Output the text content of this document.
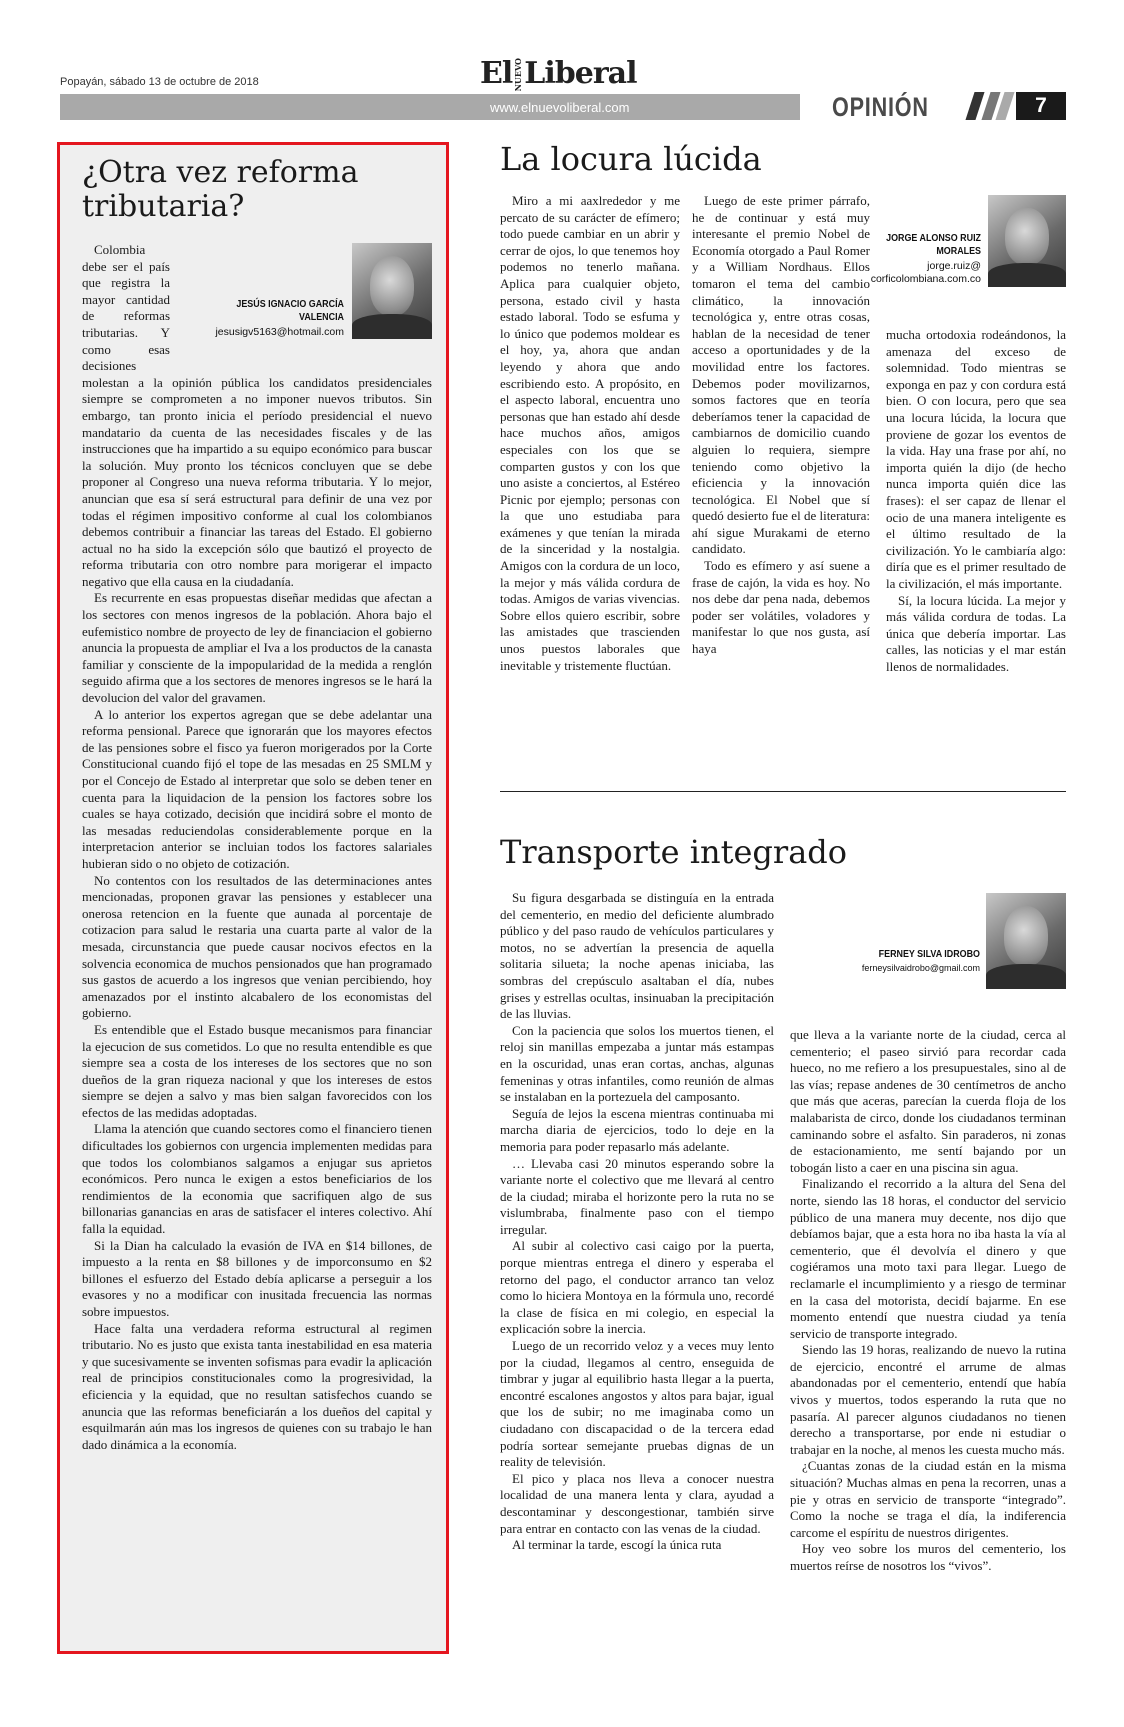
Popayán, sábado 13 de octubre de 2018	ElNUEVOLiberal
www.elnuevoliberal.com	OPINIÓN	7
¿Otra vez reforma tributaria?
JESÚS IGNACIO GARCÍA VALENCIA
jesusigv5163@hotmail.com

Colombia debe ser el país que registra la mayor cantidad de reformas tributarias. Y como esas decisiones molestan a la opinión pública los candidatos presidenciales siempre se comprometen a no imponer nuevos tributos. Sin embargo, tan pronto inicia el período presidencial el nuevo mandatario da cuenta de las necesidades fiscales y de las instrucciones que ha impartido a su equipo económico para buscar la solución. Muy pronto los técnicos concluyen que se debe proponer al Congreso una nueva reforma tributaria. Y lo mejor, anuncian que esa sí será estructural para definir de una vez por todas el régimen impositivo conforme al cual los colombianos debemos contribuir a financiar las tareas del Estado. El gobierno actual no ha sido la excepción sólo que bautizó el proyecto de reforma tributaria con otro nombre para morigerar el impacto negativo que ella causa en la ciudadanía.

Es recurrente en esas propuestas diseñar medidas que afectan a los sectores con menos ingresos de la población. Ahora bajo el eufemistico nombre de proyecto de ley de financiacion el gobierno anuncia la propuesta de ampliar el Iva a los productos de la canasta familiar y consciente de la impopularidad de la medida a renglón seguido afirma que a los sectores de menores ingresos se le hará la devolucion del valor del gravamen.

A lo anterior los expertos agregan que se debe adelantar una reforma pensional. Parece que ignorarán que los mayores efectos de las pensiones sobre el fisco ya fueron morigerados por la Corte Constitucional cuando fijó el tope de las mesadas en 25 SMLM y por el Concejo de Estado al interpretar que solo se deben tener en cuenta para la liquidacion de la pension los factores sobre los cuales se haya cotizado, decisión que incidirá sobre el monto de las mesadas reduciendolas considerablemente porque en la interpretacion anterior se incluian todos los factores salariales hubieran sido o no objeto de cotización.

No contentos con los resultados de las determinaciones antes mencionadas, proponen gravar las pensiones y establecer una onerosa retencion en la fuente que aunada al porcentaje de cotizacion para salud le restaria una cuarta parte al valor de la mesada, circunstancia que puede causar nocivos efectos en la solvencia economica de muchos pensionados que han programado sus gastos de acuerdo a los ingresos que venian percibiendo, hoy amenazados por el instinto alcabalero de los economistas del gobierno.

Es entendible que el Estado busque mecanismos para financiar la ejecucion de sus cometidos. Lo que no resulta entendible es que siempre sea a costa de los intereses de los sectores que no son dueños de la gran riqueza nacional y que los intereses de estos siempre se dejen a salvo y mas bien salgan favorecidos con los efectos de las medidas adoptadas.

Llama la atención que cuando sectores como el financiero tienen dificultades los gobiernos con urgencia implementen medidas para que todos los colombianos salgamos a enjugar sus aprietos económicos. Pero nunca le exigen a estos beneficiarios de los rendimientos de la economia que sacrifiquen algo de sus billonarias ganancias en aras de satisfacer el interes colectivo. Ahí falla la equidad.

Si la Dian ha calculado la evasión de IVA en $14 billones, de impuesto a la renta en $8 billones y de imporconsumo en $2 billones el esfuerzo del Estado debía aplicarse a perseguir a los evasores y no a modificar con inusitada frecuencia las normas sobre impuestos.

Hace falta una verdadera reforma estructural al regimen tributario. No es justo que exista tanta inestabilidad en esa materia y que sucesivamente se inventen sofismas para evadir la aplicación real de principios constitucionales como la progresividad, la eficiencia y la equidad, que no resultan satisfechos cuando se anuncia que las reformas beneficiarán a los dueños del capital y esquilmarán aún mas los ingresos de quienes con su trabajo le han dado dinámica a la economía.

La locura lúcida
JORGE ALONSO RUIZ MORALES
jorge.ruiz@ corficolombiana.com.co

Miro a mi aaxlrededor y me percato de su carácter de efímero; todo puede cambiar en un abrir y cerrar de ojos, lo que tenemos hoy podemos no tenerlo mañana. Aplica para cualquier objeto, persona, estado civil y hasta estado laboral. Todo se esfuma y lo único que podemos moldear es el hoy, ya, ahora que andan leyendo y ahora que ando escribiendo esto. A propósito, en el aspecto laboral, encuentra uno personas que han estado ahí desde hace muchos años, amigos especiales con los que se comparten gustos y con los que uno asiste a conciertos, al Estéreo Picnic por ejemplo; personas con la que uno estudiaba para exámenes y que tenían la mirada de la sinceridad y la nostalgia. Amigos con la cordura de un loco, la mejor y más válida cordura de todas. Amigos de varias vivencias. Sobre ellos quiero escribir, sobre las amistades que trascienden unos puestos laborales que inevitable y tristemente fluctúan.

Luego de este primer párrafo, he de continuar y está muy interesante el premio Nobel de Economía otorgado a Paul Romer y a William Nordhaus. Ellos tomaron el tema del cambio climático, la innovación tecnológica y, entre otras cosas, hablan de la necesidad de tener acceso a oportunidades y de la movilidad entre los factores. Debemos poder movilizarnos, somos factores que en teoría deberíamos tener la capacidad de cambiarnos de domicilio cuando alguien lo requiera, siempre teniendo como objetivo la eficiencia y la innovación tecnológica. El Nobel que sí quedó desierto fue el de literatura: ahí sigue Murakami de eterno candidato.

Todo es efímero y así suene a frase de cajón, la vida es hoy. No nos debe dar pena nada, debemos poder ser volátiles, voladores y manifestar lo que nos gusta, así haya

mucha ortodoxia rodeándonos, la amenaza del exceso de solemnidad. Todo mientras se exponga en paz y con cordura está bien. O con locura, pero que sea una locura lúcida, la locura que proviene de gozar los eventos de la vida. Hay una frase por ahí, no importa quién la dijo (de hecho nunca importa quién dice las frases): el ser capaz de llenar el ocio de una manera inteligente es el último resultado de la civilización. Yo le cambiaría algo: diría que es el primer resultado de la civilización, el más importante.

Sí, la locura lúcida. La mejor y más válida cordura de todas. La única que debería importar. Las calles, las noticias y el mar están llenos de normalidades.

Transporte integrado
FERNEY SILVA IDROBO
ferneysilvaidrobo@gmail.com

Su figura desgarbada se distinguía en la entrada del cementerio, en medio del deficiente alumbrado público y del paso raudo de vehículos particulares y motos, no se advertían la presencia de aquella solitaria silueta; la noche apenas iniciaba, las sombras del crepúsculo asaltaban el día, nubes grises y estrellas ocultas, insinuaban la precipitación de las lluvias.

Con la paciencia que solos los muertos tienen, el reloj sin manillas empezaba a juntar más estampas en la oscuridad, unas eran cortas, anchas, algunas femeninas y otras infantiles, como reunión de almas se instalaban en la portezuela del camposanto.

Seguía de lejos la escena mientras continuaba mi marcha diaria de ejercicios, todo lo deje en la memoria para poder repasarlo más adelante.

… Llevaba casi 20 minutos esperando sobre la variante norte el colectivo que me llevará al centro de la ciudad; miraba el horizonte pero la ruta no se vislumbraba, finalmente paso con el tiempo irregular.

Al subir al colectivo casi caigo por la puerta, porque mientras entrega el dinero y esperaba el retorno del pago, el conductor arranco tan veloz como lo hiciera Montoya en la fórmula uno, recordé la clase de física en mi colegio, en especial la explicación sobre la inercia.

Luego de un recorrido veloz y a veces muy lento por la ciudad, llegamos al centro, enseguida de timbrar y jugar al equilibrio hasta llegar a la puerta, encontré escalones angostos y altos para bajar, igual que los de subir; no me imaginaba como un ciudadano con discapacidad o de la tercera edad podría sortear semejante pruebas dignas de un reality de televisión.

El pico y placa nos lleva a conocer nuestra localidad de una manera lenta y clara, ayudad a descontaminar y descongestionar, también sirve para entrar en contacto con las venas de la ciudad.

Al terminar la tarde, escogí la única ruta

que lleva a la variante norte de la ciudad, cerca al cementerio; el paseo sirvió para recordar cada hueco, no me refiero a los presupuestales, sino al de las vías; repase andenes de 30 centímetros de ancho que más que aceras, parecían la cuerda floja de los malabarista de circo, donde los ciudadanos terminan caminando sobre el asfalto. Sin paraderos, ni zonas de estacionamiento, me sentí bajando por un tobogán listo a caer en una piscina sin agua.

Finalizando el recorrido a la altura del Sena del norte, siendo las 18 horas, el conductor del servicio público de una manera muy decente, nos dijo que debíamos bajar, que a esta hora no iba hasta la vía al cementerio, que él devolvía el dinero y que cogiéramos una moto taxi para llegar. Luego de reclamarle el incumplimiento y a riesgo de terminar en la casa del motorista, decidí bajarme. En ese momento entendí que nuestra ciudad ya tenía servicio de transporte integrado.

Siendo las 19 horas, realizando de nuevo la rutina de ejercicio, encontré el arrume de almas abandonadas por el cementerio, entendí que había vivos y muertos, todos esperando la ruta que no pasaría. Al parecer algunos ciudadanos no tienen derecho a transportarse, por ende ni estudiar o trabajar en la noche, al menos les cuesta mucho más.

¿Cuantas zonas de la ciudad están en la misma situación? Muchas almas en pena la recorren, unas a pie y otras en servicio de transporte “integrado”. Como la noche se traga el día, la indiferencia carcome el espíritu de nuestros dirigentes.

Hoy veo sobre los muros del cementerio, los muertos reírse de nosotros los “vivos”.
